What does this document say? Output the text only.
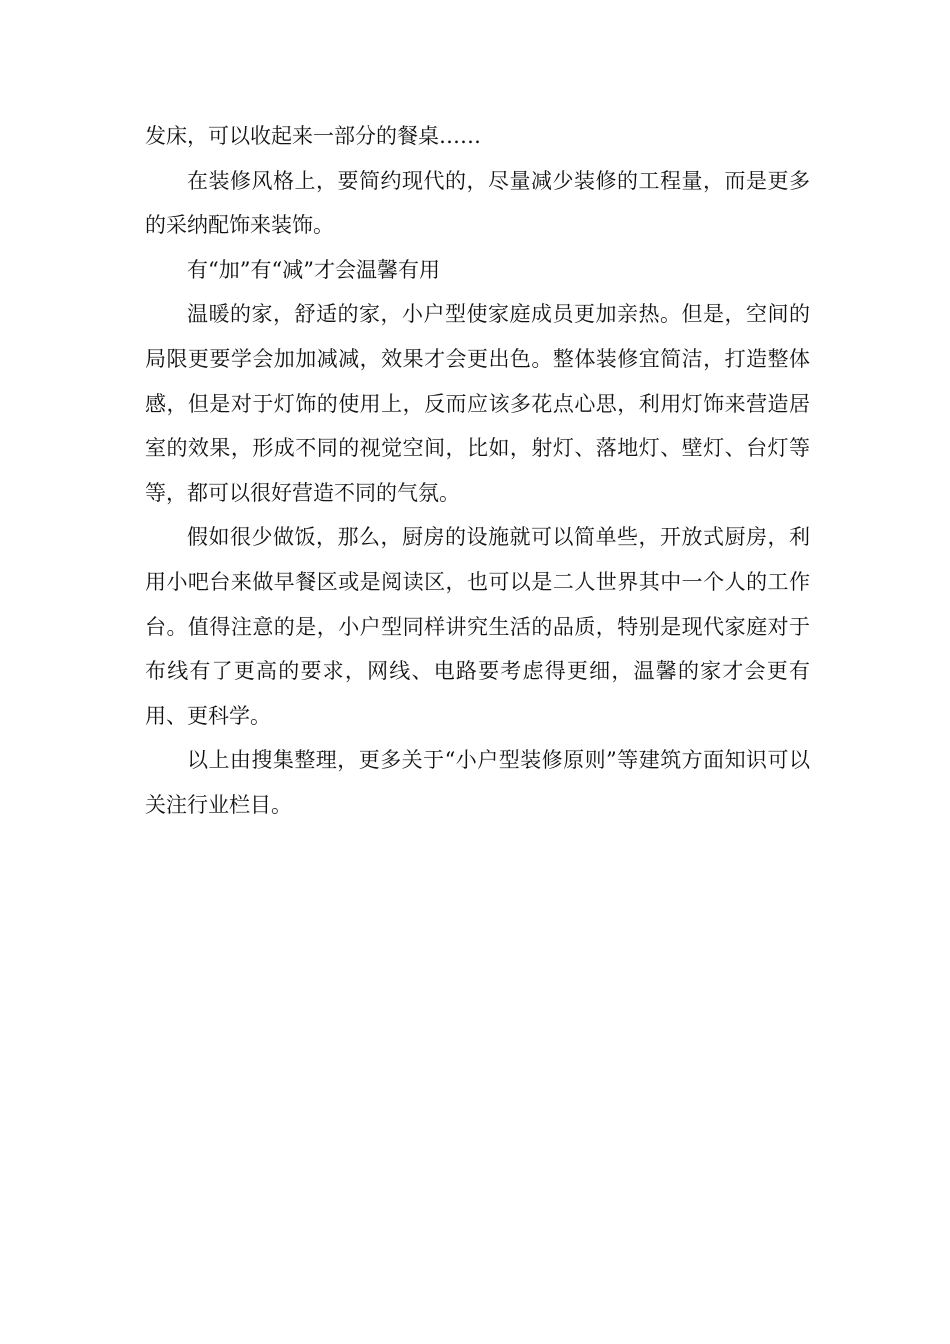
发床，可以收起来一部分的餐桌……

在装修风格上，要简约现代的，尽量减少装修的工程量，而是更多的采纳配饰来装饰。

有“加”有“减”才会温馨有用

温暖的家，舒适的家，小户型使家庭成员更加亲热。但是，空间的局限更要学会加加减减，效果才会更出色。整体装修宜简洁，打造整体感，但是对于灯饰的使用上，反而应该多花点心思，利用灯饰来营造居室的效果，形成不同的视觉空间，比如，射灯、落地灯、壁灯、台灯等等，都可以很好营造不同的气氛。

假如很少做饭，那么，厨房的设施就可以简单些，开放式厨房，利用小吧台来做早餐区或是阅读区，也可以是二人世界其中一个人的工作台。值得注意的是，小户型同样讲究生活的品质，特别是现代家庭对于布线有了更高的要求，网线、电路要考虑得更细，温馨的家才会更有用、更科学。

以上由搜集整理，更多关于“小户型装修原则”等建筑方面知识可以关注行业栏目。
